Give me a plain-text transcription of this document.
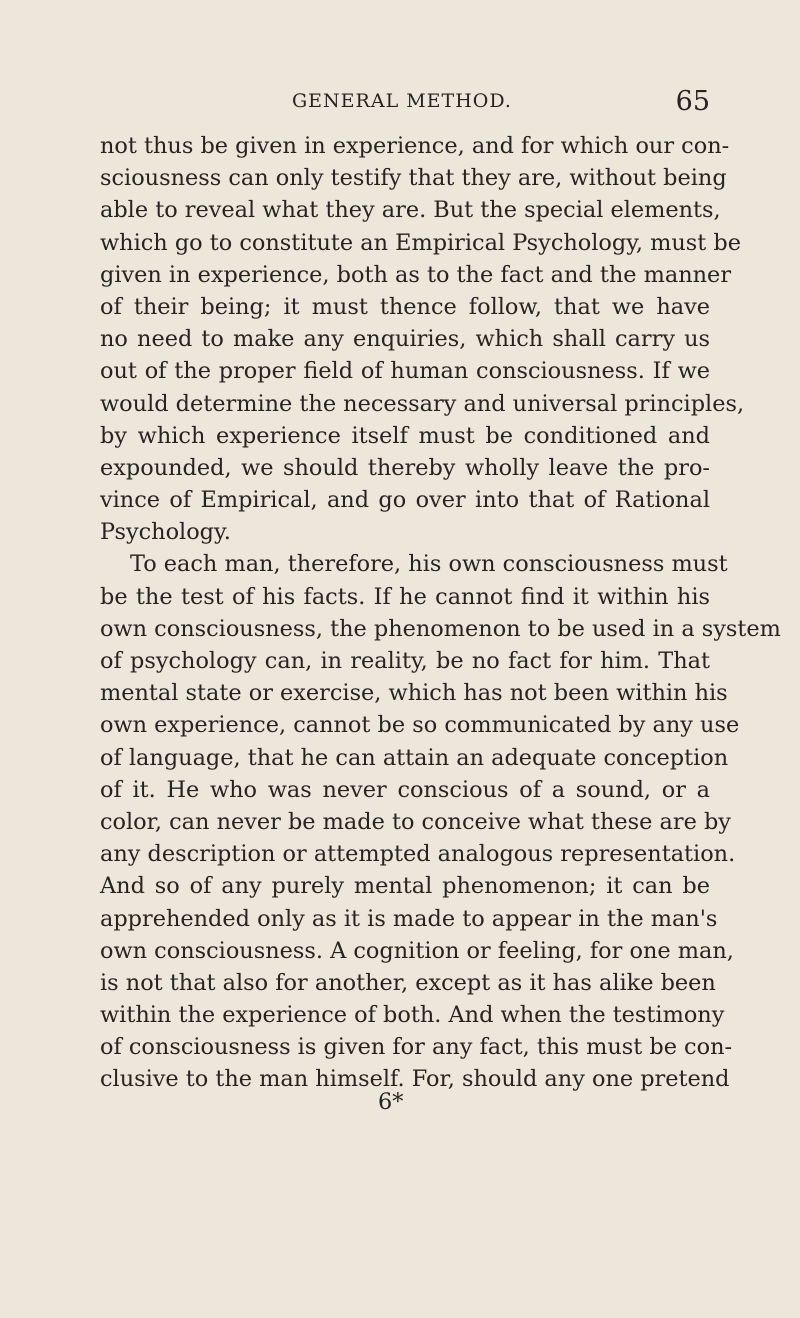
GENERAL METHOD.	65
not thus be given in experience, and for which our con-
sciousness can only testify that they are, without being
able to reveal what they are. But the special elements,
which go to constitute an Empirical Psychology, must be
given in experience, both as to the fact and the manner
of their being; it must thence follow, that we have
no need to make any enquiries, which shall carry us
out of the proper field of human consciousness. If we
would determine the necessary and universal principles,
by which experience itself must be conditioned and
expounded, we should thereby wholly leave the pro-
vince of Empirical, and go over into that of Rational
Psychology.
To each man, therefore, his own consciousness must
be the test of his facts. If he cannot find it within his
own consciousness, the phenomenon to be used in a system
of psychology can, in reality, be no fact for him. That
mental state or exercise, which has not been within his
own experience, cannot be so communicated by any use
of language, that he can attain an adequate conception
of it. He who was never conscious of a sound, or a
color, can never be made to conceive what these are by
any description or attempted analogous representation.
And so of any purely mental phenomenon; it can be
apprehended only as it is made to appear in the man's
own consciousness. A cognition or feeling, for one man,
is not that also for another, except as it has alike been
within the experience of both. And when the testimony
of consciousness is given for any fact, this must be con-
clusive to the man himself. For, should any one pretend
6*
